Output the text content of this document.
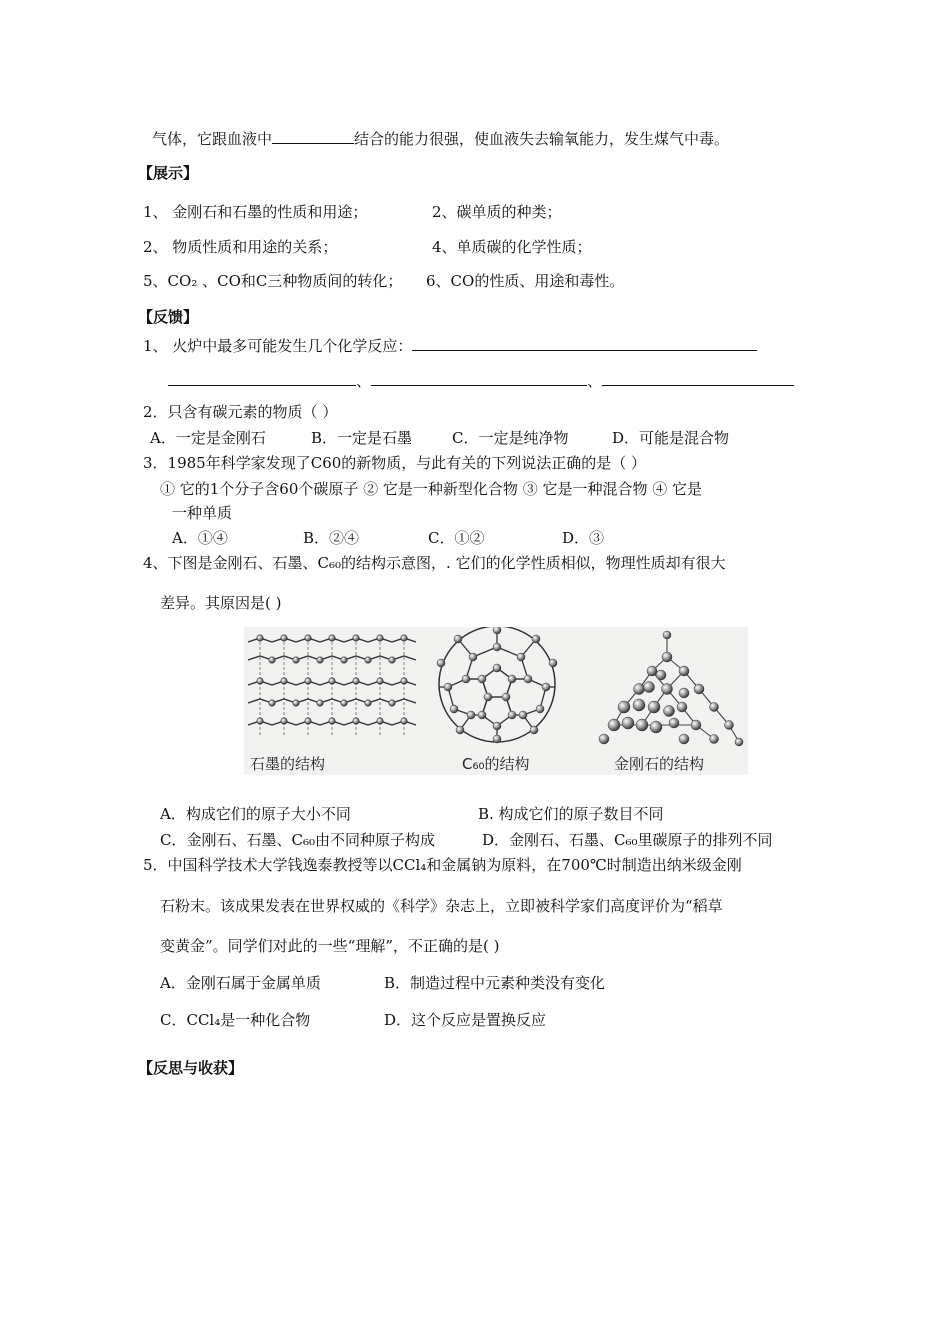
气体，它跟血液中	结合的能力很强，使血液失去输氧能力，发生煤气中毒。
【展示】
1、 金刚石和石墨的性质和用途；	2、碳单质的种类；
2、 物质性质和用途的关系；	4、单质碳的化学性质；
5、CO₂ 、CO和C三种物质间的转化； 6、CO的性质、用途和毒性。
【反馈】
1、 火炉中最多可能发生几个化学反应：
、	、
2．只含有碳元素的物质（ ）
A．一定是金刚石	B．一定是石墨	C．一定是纯净物	D．可能是混合物
3．1985年科学家发现了C60的新物质，与此有关的下列说法正确的是（ ）
① 它的1个分子含60个碳原子 ② 它是一种新型化合物 ③ 它是一种混合物 ④ 它是
一种单质
A．①④	B．②④	C．①②	D．③
4、下图是金刚石、石墨、C₆₀的结构示意图，. 它们的化学性质相似，物理性质却有很大
差异。其原因是( )
石墨的结构	C₆₀的结构	金刚石的结构
A．构成它们的原子大小不同	B. 构成它们的原子数目不同
C．金刚石、石墨、C₆₀由不同种原子构成	D．金刚石、石墨、C₆₀里碳原子的排列不同
5．中国科学技术大学钱逸泰教授等以CCl₄和金属钠为原料，在700℃时制造出纳米级金刚
石粉末。该成果发表在世界权威的《科学》杂志上，立即被科学家们高度评价为“稻草
变黄金”。同学们对此的一些“理解”，不正确的是( )
A．金刚石属于金属单质	B．制造过程中元素种类没有变化
C．CCl₄是一种化合物	D．这个反应是置换反应
【反思与收获】
